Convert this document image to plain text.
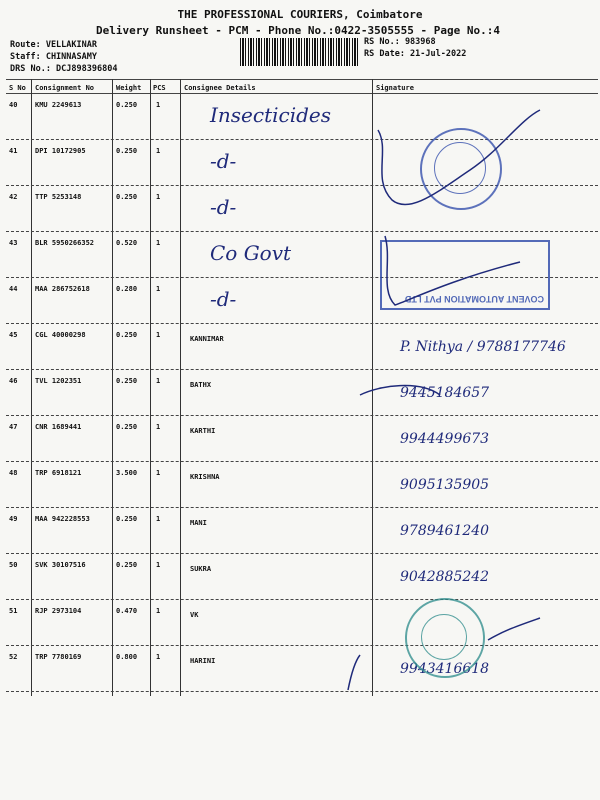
THE PROFESSIONAL COURIERS, Coimbatore
Delivery Runsheet - PCM - Phone No.:0422-3505555 - Page No.:4
Route: VELLAKINAR
Staff: CHINNASAMY
DRS No.: DCJ898396804
RS No.: 983968
RS Date: 21-Jul-2022
S No Consignment No	Weight PCS	Consignee Details	Signature
40	KMU 2249613	0.250	1 Insecticides
41	DPI 10172905	0.250	1 -d-
42	TTP 5253148	0.250	1 -d-
43	BLR 5950266352	0.520	1 Co Govt
44	MAA 286752618	0.280	1 -d-
45	CGL 40000298	0.250	1	KANNIMAR	P. Nithya / 9788177746
46	TVL 1202351	0.250	1	BATHX	9445184657
47	CNR 1689441	0.250	1	KARTHI	9944499673
48	TRP 6918121	3.500	1	KRISHNA	9095135905
49	MAA 942228553	0.250	1	MANI	9789461240
50	SVK 30107516	0.250	1	SUKRA	9042885242
51	RJP 2973104	0.470	1	VK
52	TRP 7780169	0.800	1	HARINI	9943416618
COVENT AUTOMATION PVT LTD
